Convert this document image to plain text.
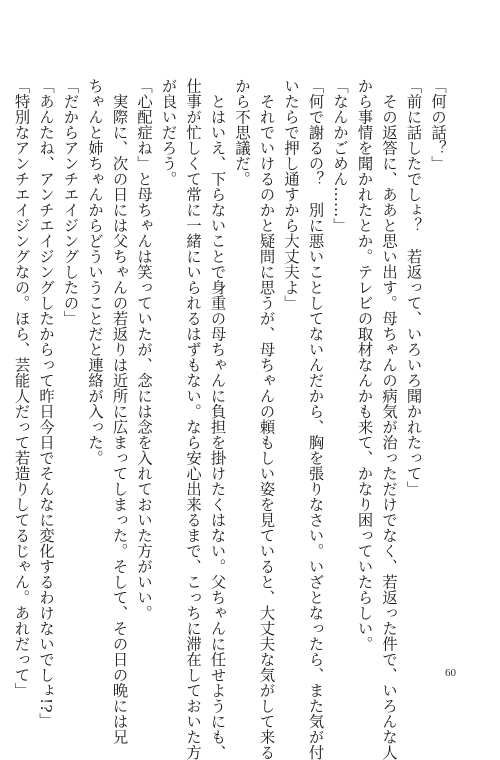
「何の話？」
「前に話したでしょ？　若返って、いろいろ聞かれたって」
　その返答に、ああと思い出す。母ちゃんの病気が治っただけでなく、若返った件で、いろんな人
から事情を聞かれたとか。テレビの取材なんかも来て、かなり困っていたらしい。
「なんかごめん……」
「何で謝るの？　別に悪いことしてないんだから、胸を張りなさい。いざとなったら、また気が付
いたらで押し通すから大丈夫よ」
　それでいけるのかと疑問に思うが、母ちゃんの頼もしい姿を見ていると、大丈夫な気がして来る
から不思議だ。
　とはいえ、下らないことで身重の母ちゃんに負担を掛けたくはない。父ちゃんに任せようにも、
仕事が忙しくて常に一緒にいられるはずもない。なら安心出来るまで、こっちに滞在しておいた方
が良いだろう。
「心配症ね」と母ちゃんは笑っていたが、念には念を入れておいた方がいい。
　実際に、次の日には父ちゃんの若返りは近所に広まってしまった。そして、その日の晩には兄
ちゃんと姉ちゃんからどういうことだと連絡が入った。
「だからアンチエイジングしたの」
「あんたね、アンチエイジングしたからって昨日今日でそんなに変化するわけないでしょ!?」
「特別なアンチエイジングなの。ほら、芸能人だって若造りしてるじゃん。あれだって」	60
